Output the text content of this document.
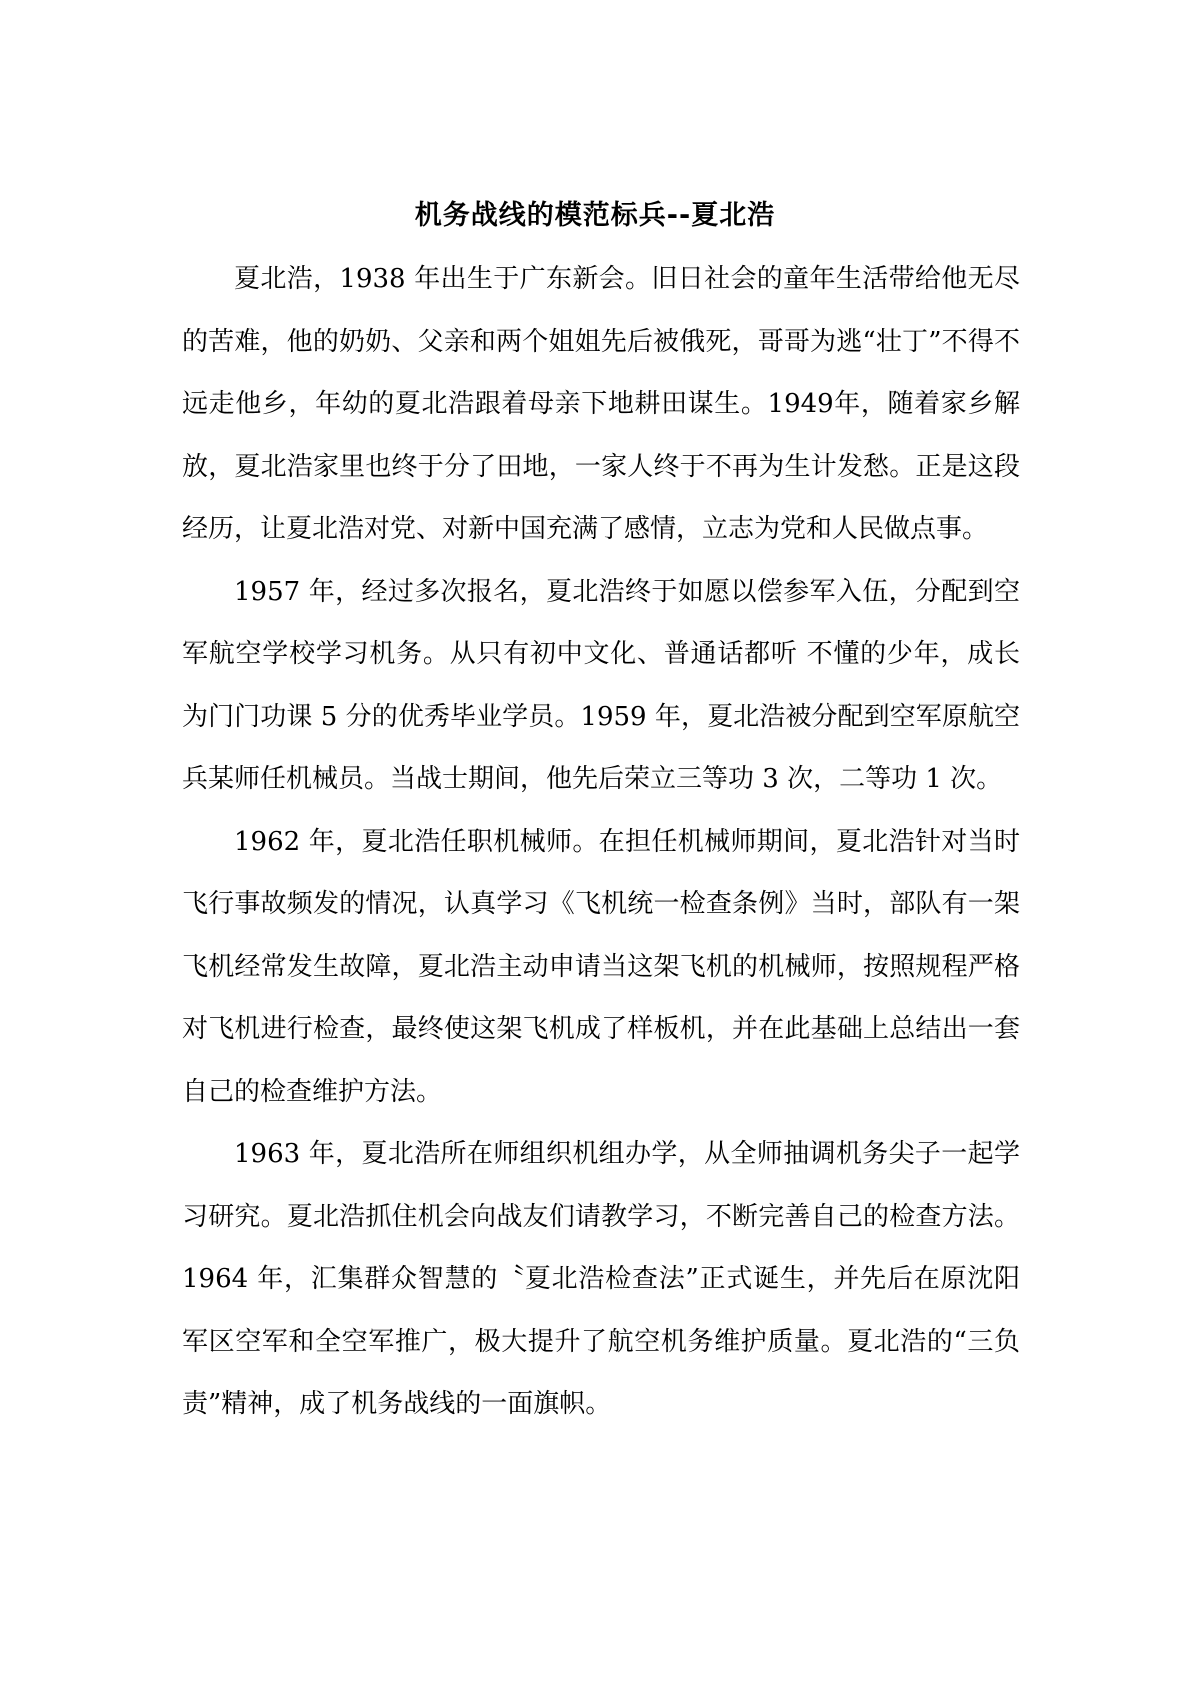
机务战线的模范标兵--夏北浩

夏北浩，1938 年出生于广东新会。旧日社会的童年生活带给他无尽的苦难，他的奶奶、父亲和两个姐姐先后被俄死，哥哥为逃“壮丁”不得不远走他乡，年幼的夏北浩跟着母亲下地耕田谋生。1949年，随着家乡解放，夏北浩家里也终于分了田地，一家人终于不再为生计发愁。正是这段经历，让夏北浩对党、对新中国充满了感情，立志为党和人民做点事。

1957 年，经过多次报名，夏北浩终于如愿以偿参军入伍，分配到空军航空学校学习机务。从只有初中文化、普通话都听 不懂的少年，成长为门门功课 5 分的优秀毕业学员。1959 年，夏北浩被分配到空军原航空兵某师任机械员。当战士期间，他先后荣立三等功 3 次，二等功 1 次。

1962 年，夏北浩任职机械师。在担任机械师期间，夏北浩针对当时飞行事故频发的情况，认真学习《飞机统一检查条例》当时，部队有一架飞机经常发生故障，夏北浩主动申请当这架飞机的机械师，按照规程严格对飞机进行检查，最终使这架飞机成了样板机，并在此基础上总结出一套自己的检查维护方法。

1963 年，夏北浩所在师组织机组办学，从全师抽调机务尖子一起学习研究。夏北浩抓住机会向战友们请教学习，不断完善自己的检查方法。1964 年，汇集群众智慧的〝夏北浩检查法”正式诞生，并先后在原沈阳军区空军和全空军推广，极大提升了航空机务维护质量。夏北浩的“三负责”精神，成了机务战线的一面旗帜。
